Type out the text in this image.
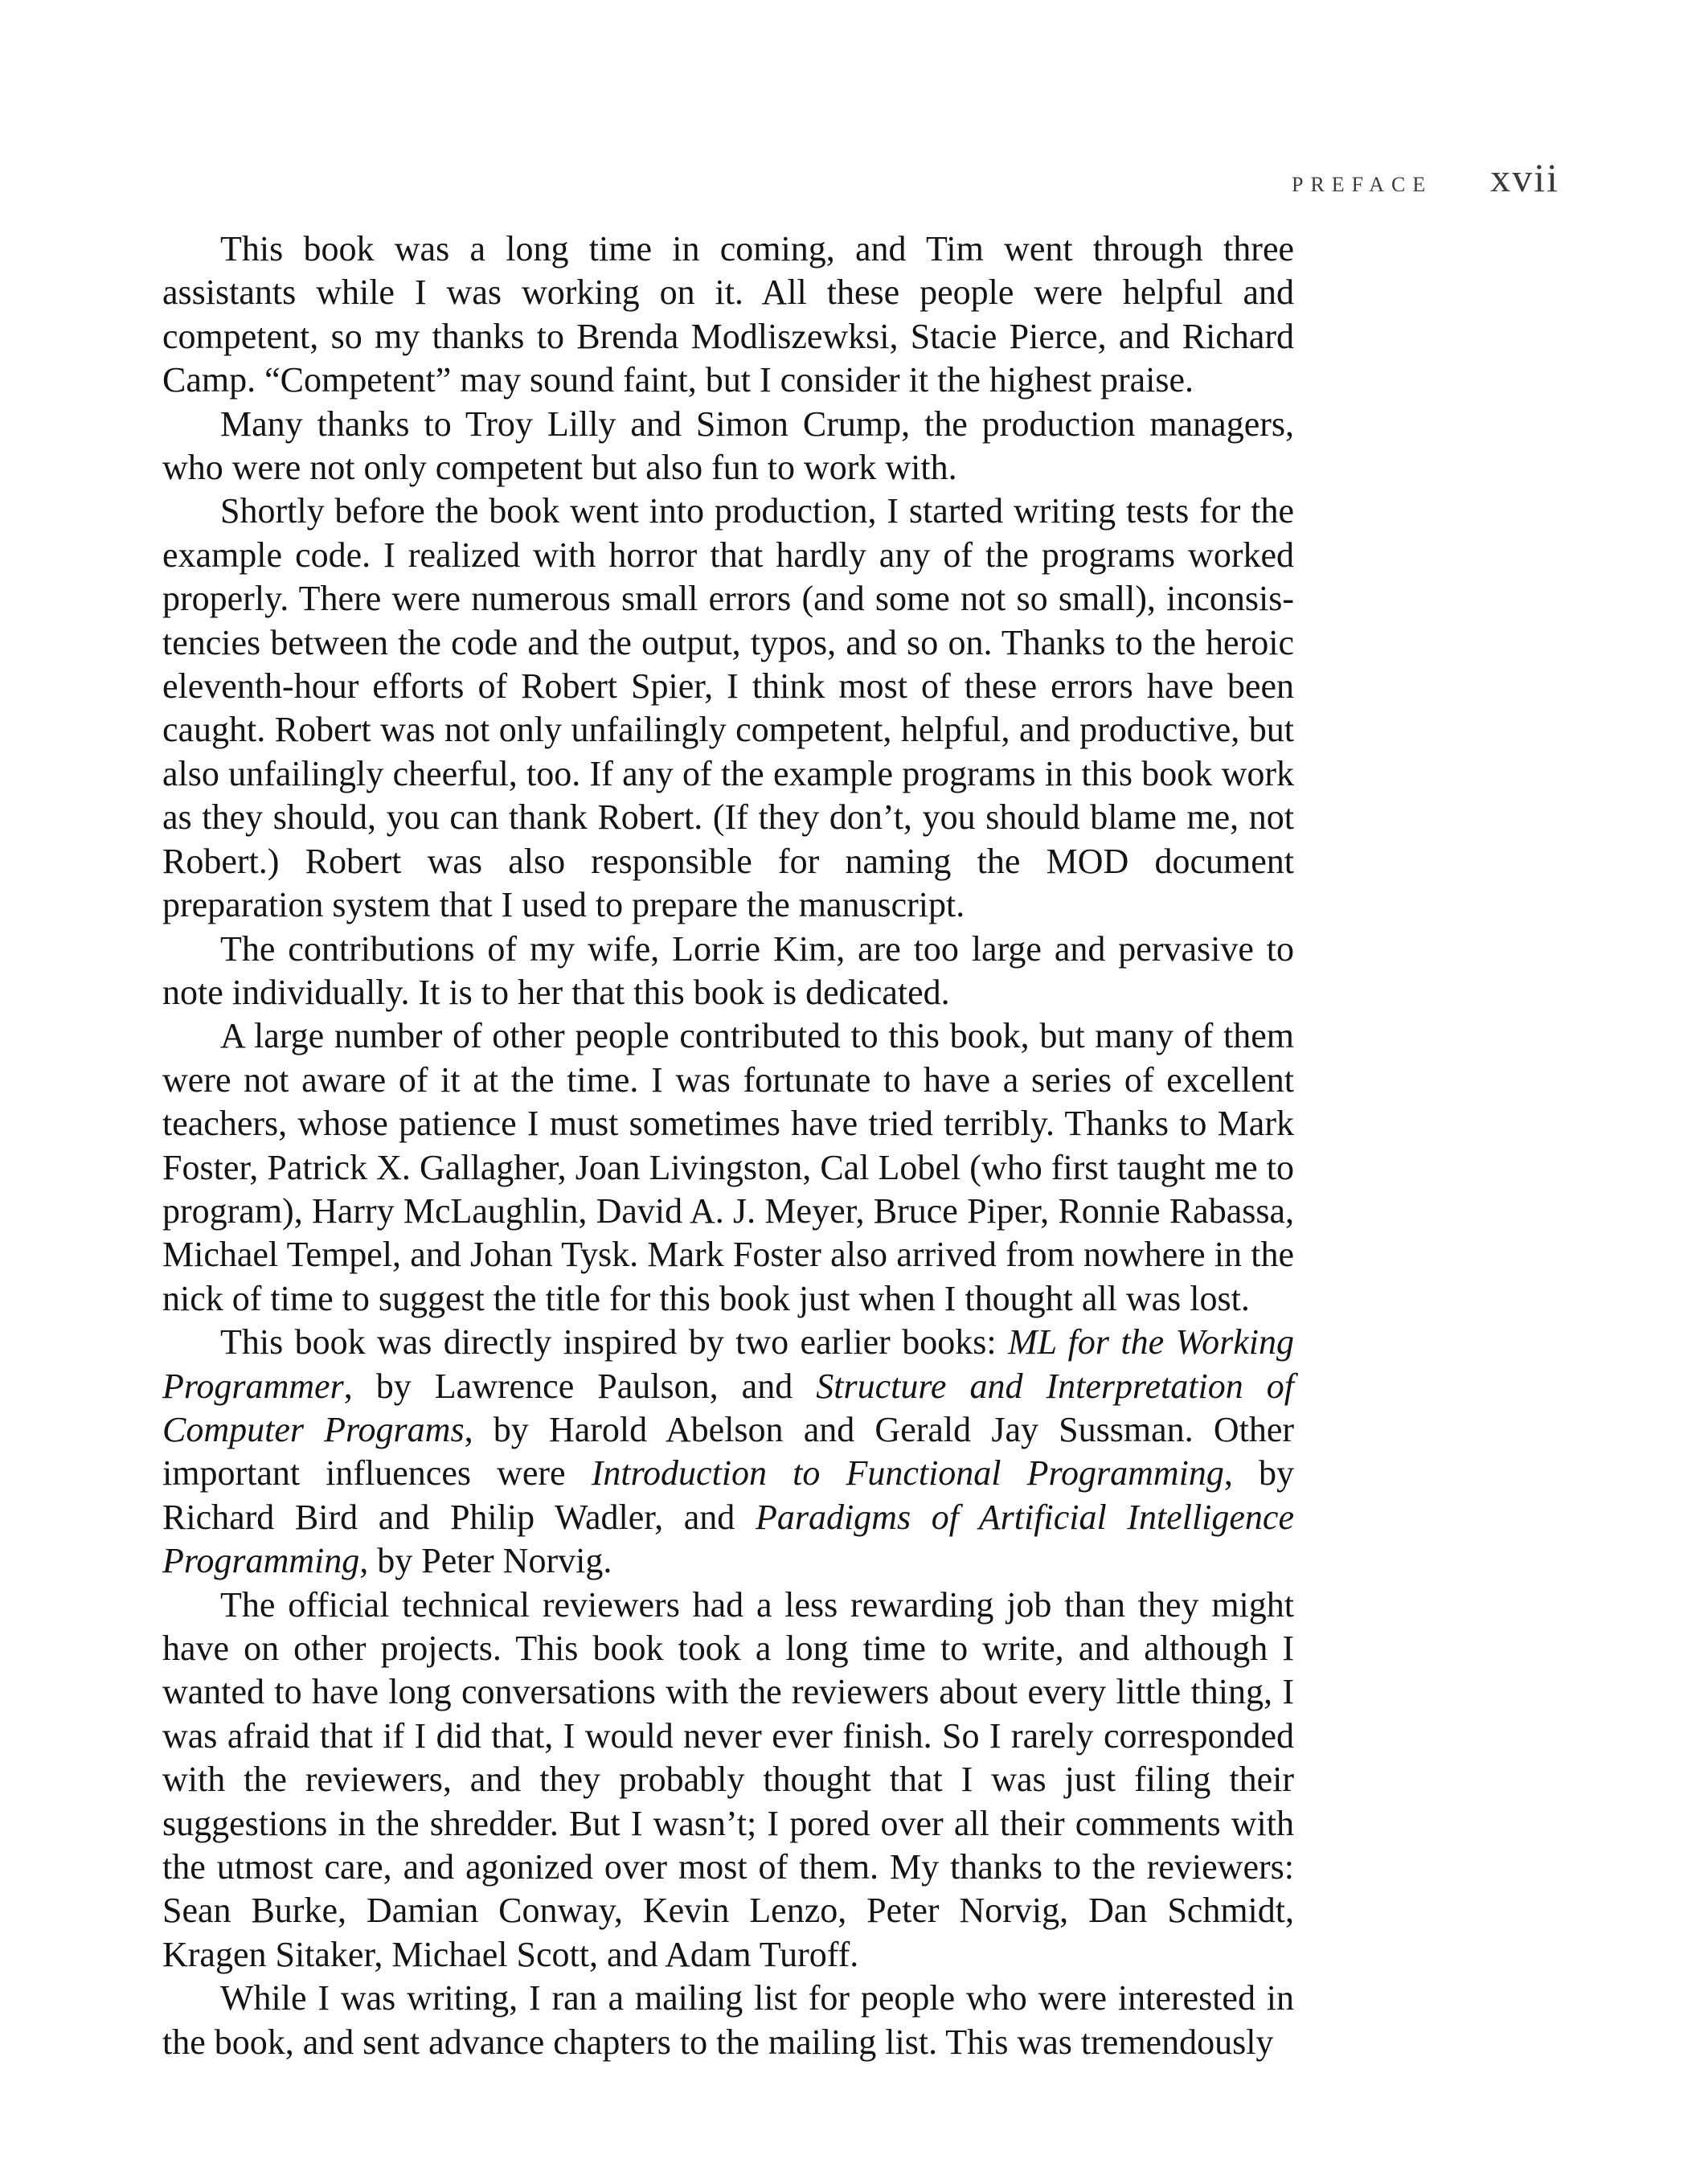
PREFACE xvii

This book was a long time in coming, and Tim went through three assistants while I was working on it. All these people were helpful and competent, so my thanks to Brenda Modliszewksi, Stacie Pierce, and Richard Camp. “Competent” may sound faint, but I consider it the highest praise.

Many thanks to Troy Lilly and Simon Crump, the production managers, who were not only competent but also fun to work with.

Shortly before the book went into production, I started writing tests for the example code. I realized with horror that hardly any of the programs worked properly. There were numerous small errors (and some not so small), inconsistencies between the code and the output, typos, and so on. Thanks to the heroic eleventh-hour efforts of Robert Spier, I think most of these errors have been caught. Robert was not only unfailingly competent, helpful, and productive, but also unfailingly cheerful, too. If any of the example programs in this book work as they should, you can thank Robert. (If they don’t, you should blame me, not Robert.) Robert was also responsible for naming the MOD document preparation system that I used to prepare the manuscript.

The contributions of my wife, Lorrie Kim, are too large and pervasive to note individually. It is to her that this book is dedicated.

A large number of other people contributed to this book, but many of them were not aware of it at the time. I was fortunate to have a series of excellent teachers, whose patience I must sometimes have tried terribly. Thanks to Mark Foster, Patrick X. Gallagher, Joan Livingston, Cal Lobel (who first taught me to program), Harry McLaughlin, David A. J. Meyer, Bruce Piper, Ronnie Rabassa, Michael Tempel, and Johan Tysk. Mark Foster also arrived from nowhere in the nick of time to suggest the title for this book just when I thought all was lost.

This book was directly inspired by two earlier books: ML for the Working Programmer, by Lawrence Paulson, and Structure and Interpretation of Computer Programs, by Harold Abelson and Gerald Jay Sussman. Other important influences were Introduction to Functional Programming, by Richard Bird and Philip Wadler, and Paradigms of Artificial Intelligence Programming, by Peter Norvig.

The official technical reviewers had a less rewarding job than they might have on other projects. This book took a long time to write, and although I wanted to have long conversations with the reviewers about every little thing, I was afraid that if I did that, I would never ever finish. So I rarely corresponded with the reviewers, and they probably thought that I was just filing their suggestions in the shredder. But I wasn’t; I pored over all their comments with the utmost care, and agonized over most of them. My thanks to the reviewers: Sean Burke, Damian Conway, Kevin Lenzo, Peter Norvig, Dan Schmidt, Kragen Sitaker, Michael Scott, and Adam Turoff.

While I was writing, I ran a mailing list for people who were interested in the book, and sent advance chapters to the mailing list. This was tremendously
